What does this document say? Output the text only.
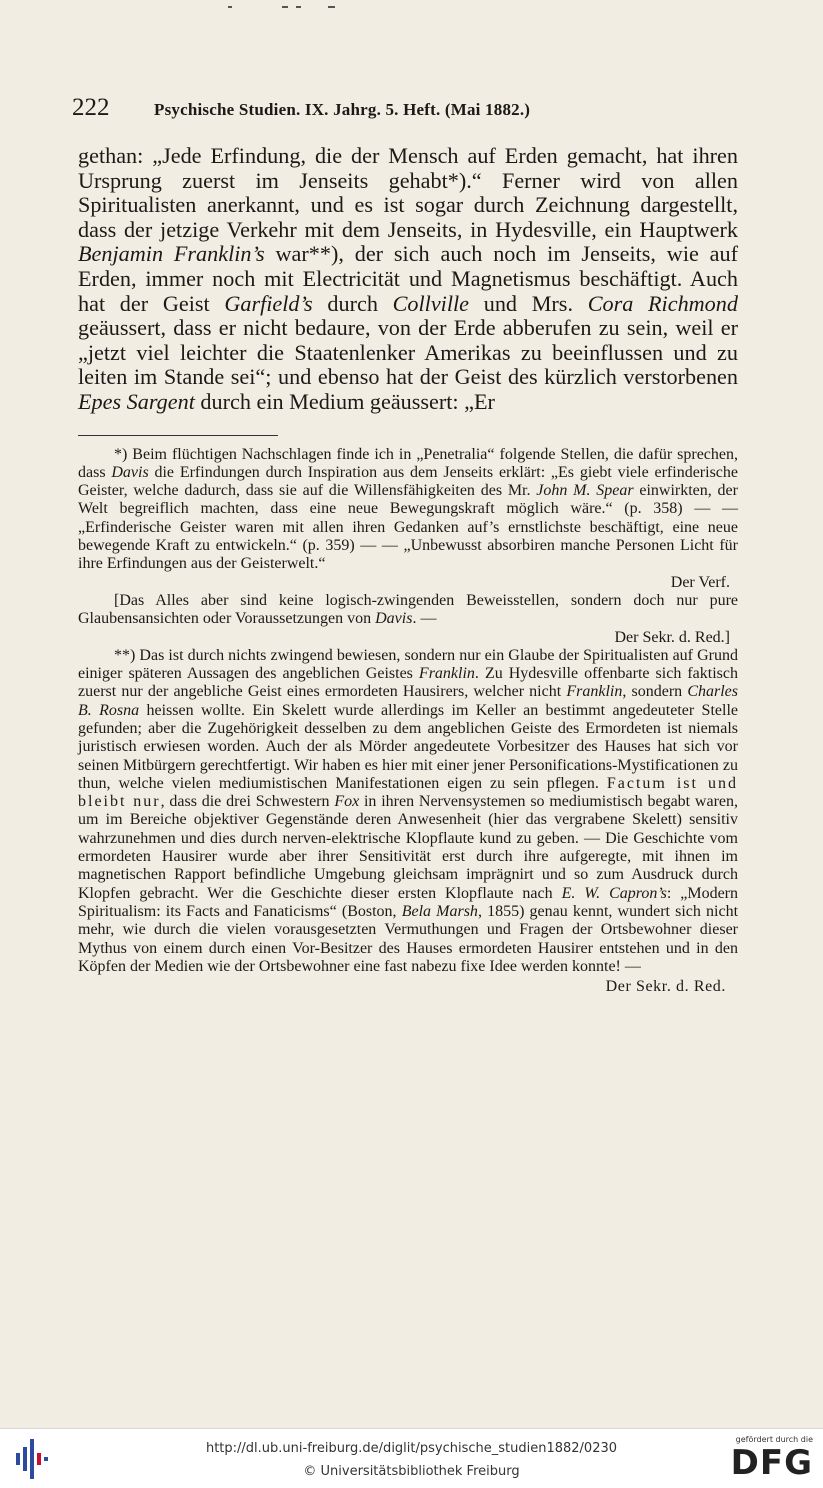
222	Psychische Studien. IX. Jahrg. 5. Heft. (Mai 1882.)

gethan: „Jede Erfindung, die der Mensch auf Erden gemacht, hat ihren Ursprung zuerst im Jenseits gehabt*).“ Ferner wird von allen Spiritualisten anerkannt, und es ist sogar durch Zeichnung dargestellt, dass der jetzige Verkehr mit dem Jenseits, in Hydesville, ein Hauptwerk Benjamin Franklin’s war**), der sich auch noch im Jenseits, wie auf Erden, immer noch mit Electricität und Magnetismus beschäftigt. Auch hat der Geist Garfield’s durch Collville und Mrs. Cora Richmond geäussert, dass er nicht bedaure, von der Erde abberufen zu sein, weil er „jetzt viel leichter die Staatenlenker Amerikas zu beeinflussen und zu leiten im Stande sei“; und ebenso hat der Geist des kürzlich verstorbenen Epes Sargent durch ein Medium geäussert: „Er

*) Beim flüchtigen Nachschlagen finde ich in „Penetralia“ folgende Stellen, die dafür sprechen, dass Davis die Erfindungen durch Inspiration aus dem Jenseits erklärt: „Es giebt viele erfinderische Geister, welche dadurch, dass sie auf die Willensfähigkeiten des Mr. John M. Spear einwirkten, der Welt begreiflich machten, dass eine neue Bewegungskraft möglich wäre.“ (p. 358) — — „Erfinderische Geister waren mit allen ihren Gedanken auf’s ernstlichste beschäftigt, eine neue bewegende Kraft zu entwickeln.“ (p. 359) — — „Unbewusst absorbiren manche Personen Licht für ihre Erfindungen aus der Geisterwelt.“

Der Verf.

[Das Alles aber sind keine logisch-zwingenden Beweisstellen, sondern doch nur pure Glaubensansichten oder Voraussetzungen von Davis. —

Der Sekr. d. Red.]

**) Das ist durch nichts zwingend bewiesen, sondern nur ein Glaube der Spiritualisten auf Grund einiger späteren Aussagen des angeblichen Geistes Franklin. Zu Hydesville offenbarte sich faktisch zuerst nur der angebliche Geist eines ermordeten Hausirers, welcher nicht Franklin, sondern Charles B. Rosna heissen wollte. Ein Skelett wurde allerdings im Keller an bestimmt angedeuteter Stelle gefunden; aber die Zugehörigkeit desselben zu dem angeblichen Geiste des Ermordeten ist niemals juristisch erwiesen worden. Auch der als Mörder angedeutete Vorbesitzer des Hauses hat sich vor seinen Mitbürgern gerechtfertigt. Wir haben es hier mit einer jener Personifications-Mystificationen zu thun, welche vielen mediumistischen Manifestationen eigen zu sein pflegen. Factum ist und bleibt nur, dass die drei Schwestern Fox in ihren Nervensystemen so mediumistisch begabt waren, um im Bereiche objektiver Gegenstände deren Anwesenheit (hier das vergrabene Skelett) sensitiv wahrzunehmen und dies durch nerven-elektrische Klopflaute kund zu geben. — Die Geschichte vom ermordeten Hausirer wurde aber ihrer Sensitivität erst durch ihre aufgeregte, mit ihnen im magnetischen Rapport befindliche Umgebung gleichsam imprägnirt und so zum Ausdruck durch Klopfen gebracht. Wer die Geschichte dieser ersten Klopflaute nach E. W. Capron’s: „Modern Spiritualism: its Facts and Fanaticisms“ (Boston, Bela Marsh, 1855) genau kennt, wundert sich nicht mehr, wie durch die vielen vorausgesetzten Vermuthungen und Fragen der Ortsbewohner dieser Mythus von einem durch einen Vor-Besitzer des Hauses ermordeten Hausirer entstehen und in den Köpfen der Medien wie der Ortsbewohner eine fast nabezu fixe Idee werden konnte! —

Der Sekr. d. Red.

http://dl.ub.uni-freiburg.de/diglit/psychische_studien1882/0230
© Universitätsbibliothek Freiburg
gefördert durch die
DFG
